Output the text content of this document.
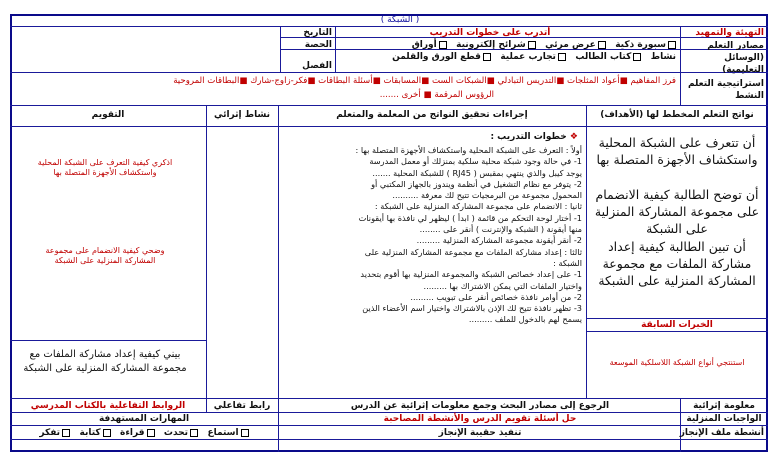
( الشبكة )
التهيئة والتمهيد
أتدرب على خطوات التدريب
التاريخ
الحصة
الفصل
مصادر التعلم (الوسائل التعليمية)
سبورة ذكية   عرض مرئي   شرائح إلكترونية   أوراق
نشاط   كتاب الطالب   تجارب عملية   قطع الورق والقلمن
استراتيجية التعلم النشط
فرز المفاهيم ■أعواد المثلجات ■التدريس التبادلي ■الشبكات الست ■المسابقات ■أسئلة البطاقات ■فكر-زاوج-شارك ■البطاقات المروحية
الرؤوس المرقمة ■ أخرى .......
نواتج التعلم المخطط لها (الأهداف)
إجراءات تحقيق النواتج من المعلمة والمتعلم
نشاط إثرائي
التقويم
أن تتعرف على الشبكة المحلية واستكشاف الأجهزة المتصلة بها
أن توضح الطالبة كيفية الانضمام على مجموعة المشاركة المنزلية على الشبكة
أن تبين الطالبة كيفية إعداد مشاركة الملفات مع مجموعة المشاركة المنزلية على الشبكة
الخبرات السابقة
استنتجي أنواع الشبكة اللاسلكية الموسعة
❖ خطوات التدريب :

أولاً : التعرف على الشبكة المحلية واستكشاف الأجهزة المتصلة بها :

1- في حالة وجود شبكة محلية سلكية بمنزلك أو معمل المدرسة

يوجد كيبل والذي ينتهي بمقبس ( RJ45 ) للشبكة المحلية .......

2- يتوفر مع نظام التشغيل في أنظمة ويندوز بالجهاز المكتبي أو

المحمول مجموعة من البرمجيات تتيح لك معرفة ..........

ثانيا : الانضمام على مجموعة المشاركة المنزلية على الشبكة :

1- أختار لوحة التحكم من قائمة ( ابدأ ) ليظهر لي نافذة بها أيقونات

منها أيقونة ( الشبكة والإنترنت ) أنقر على ........

2- أنقر أيقونة مجموعة المشاركة المنزلية .........

ثالثا : إعداد مشاركة الملفات مع مجموعة المشاركة المنزلية على

الشبكة :

1- على إعداد خصائص الشبكة والمجموعة المنزلية بها أقوم بتحديد

واختيار الملفات التي يمكن الاشتراك بها .........

2- من أوامر نافذة خصائص أنقر على تبويب .........

3- تظهر نافذة تتيح لك الإذن بالاشتراك واختيار اسم الأعضاء الذين

يسمح لهم بالدخول للملف .........

اذكري كيفية التعرف على الشبكة المحلية واستكشاف الأجهزة المتصلة بها
وضحي كيفية الانضمام على مجموعة المشاركة المنزلية على الشبكة
بيني كيفية إعداد مشاركة الملفات مع مجموعة المشاركة المنزلية على الشبكة
معلومة إثرائية
الرجوع إلى مصادر البحث وجمع معلومات إثرائية عن الدرس
رابط تفاعلي
الروابط التفاعلية بالكتاب المدرسي
الواجبات المنزلية
حل أسئلة تقويم الدرس والأنشطة المصاحبة
المهارات المستهدفة
أنشطة ملف الإنجاز
تنفيذ حقيبة الإنجاز
استماع   تحدث   قراءة   كتابة   تفكر
